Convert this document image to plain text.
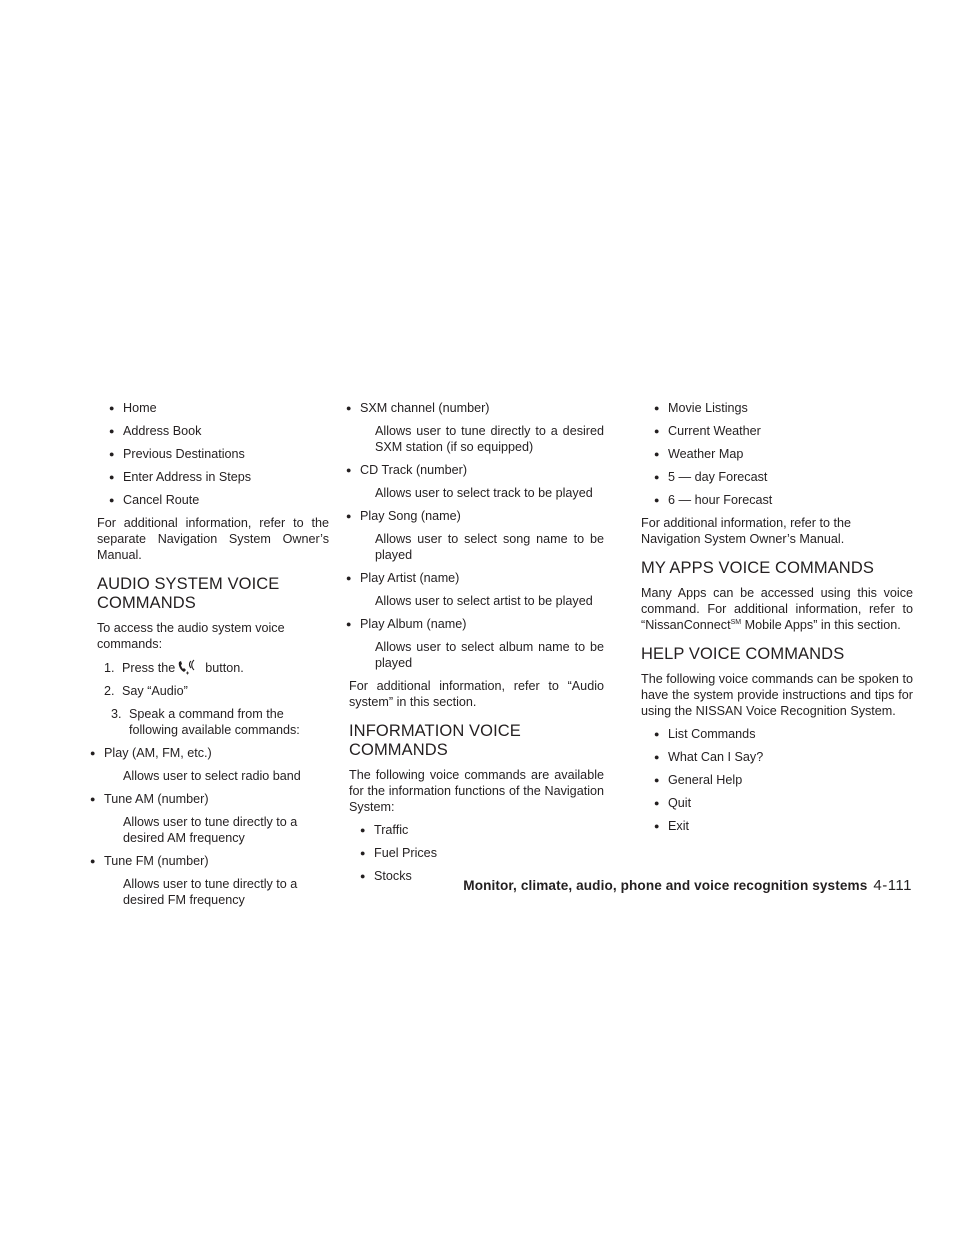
● Home

● Address Book

● Previous Destinations

● Enter Address in Steps

● Cancel Route

For additional information, refer to the separate Navigation System Owner’s Manual.

AUDIO SYSTEM VOICE COMMANDS

To access the audio system voice commands:

1. Press the button.

2. Say “Audio”

3. Speak a command from the following available commands:

● Play (AM, FM, etc.)

Allows user to select radio band

● Tune AM (number)

Allows user to tune directly to a desired AM frequency

● Tune FM (number)

Allows user to tune directly to a desired FM frequency

● SXM channel (number)

Allows user to tune directly to a desired SXM station (if so equipped)

● CD Track (number)

Allows user to select track to be played

● Play Song (name)

Allows user to select song name to be played

● Play Artist (name)

Allows user to select artist to be played

● Play Album (name)

Allows user to select album name to be played

For additional information, refer to “Audio system” in this section.

INFORMATION VOICE COMMANDS

The following voice commands are available for the information functions of the Navigation System:

● Traffic

● Fuel Prices

● Stocks

● Movie Listings

● Current Weather

● Weather Map

● 5 — day Forecast

● 6 — hour Forecast

For additional information, refer to the Navigation System Owner’s Manual.

MY APPS VOICE COMMANDS

Many Apps can be accessed using this voice command. For additional information, refer to “NissanConnect℠ Mobile Apps” in this section.

HELP VOICE COMMANDS

The following voice commands can be spoken to have the system provide instructions and tips for using the NISSAN Voice Recognition System.

● List Commands

● What Can I Say?

● General Help

● Quit

● Exit

Monitor, climate, audio, phone and voice recognition systems 4-111
